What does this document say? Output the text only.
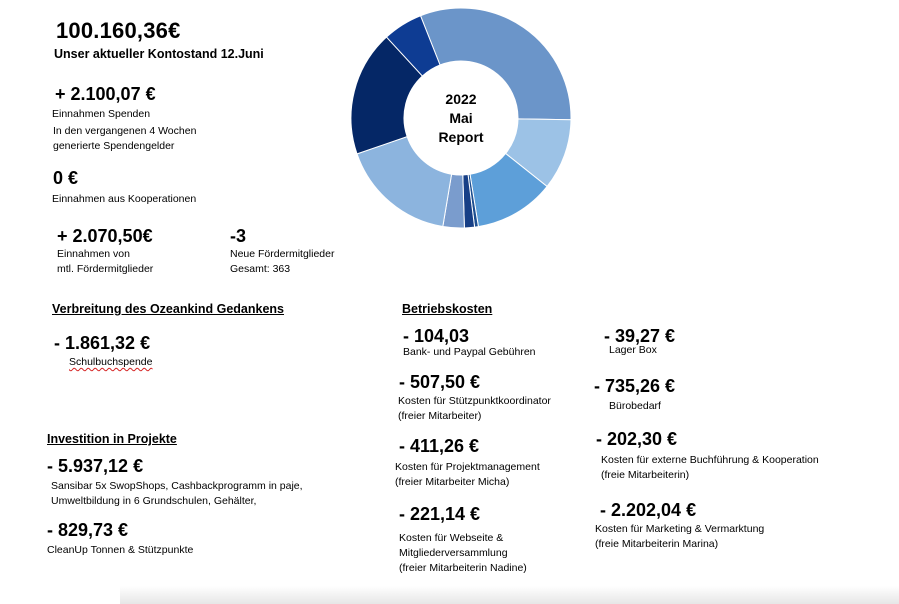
100.160,36€
Unser aktueller Kontostand 12.Juni
+ 2.100,07 €
Einnahmen Spenden
In den vergangenen 4 Wochen
generierte Spendengelder
0 €
Einnahmen aus Kooperationen
+ 2.070,50€
Einnahmen von
mtl. Fördermitglieder
-3
Neue Fördermitglieder
Gesamt: 363
2022
Mai
Report
Verbreitung des Ozeankind Gedankens
- 1.861,32 €
Schulbuchspende
Investition in Projekte
- 5.937,12 €
Sansibar 5x SwopShops, Cashbackprogramm in paje,
Umweltbildung in 6 Grundschulen, Gehälter,
- 829,73 €
CleanUp Tonnen & Stützpunkte
Betriebskosten
- 104,03
Bank- und Paypal Gebühren
- 507,50 €
Kosten für Stützpunktkoordinator
(freier Mitarbeiter)
- 411,26 €
Kosten für Projektmanagement
(freier Mitarbeiter Micha)
- 221,14 €
Kosten für Webseite &
Mitgliederversammlung
(freier Mitarbeiterin Nadine)
- 39,27 €
Lager Box
- 735,26 €
Bürobedarf
- 202,30 €
Kosten für externe Buchführung & Kooperation
(freie Mitarbeiterin)
- 2.202,04 €
Kosten für Marketing & Vermarktung
(freie Mitarbeiterin Marina)
